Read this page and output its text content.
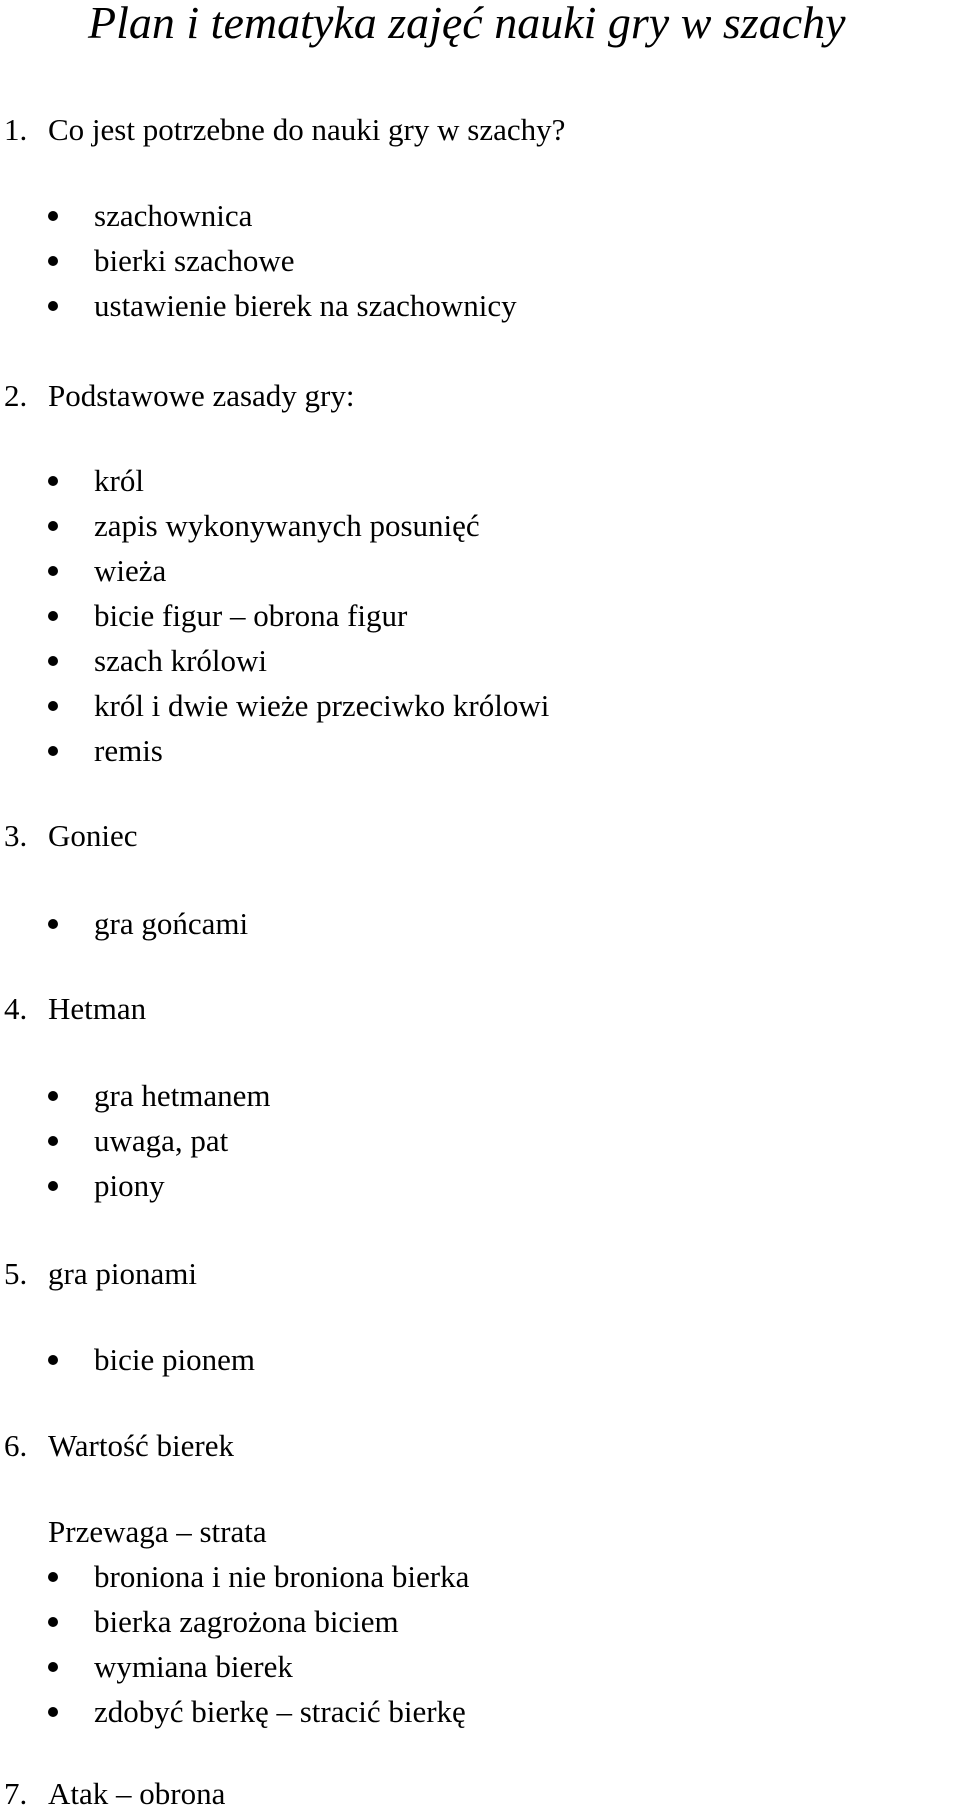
Plan i tematyka zajęć nauki gry w szachy
1. Co jest potrzebne do nauki gry w szachy?
szachownica
bierki szachowe
ustawienie bierek na szachownicy
2. Podstawowe zasady gry:
król
zapis wykonywanych posunięć
wieża
bicie figur – obrona figur
szach królowi
król i dwie wieże przeciwko królowi
remis
3. Goniec
gra gońcami
4. Hetman
gra hetmanem
uwaga, pat
piony
5. gra pionami
bicie pionem
6. Wartość bierek
Przewaga – strata
broniona i nie broniona bierka
bierka zagrożona biciem
wymiana bierek
zdobyć bierkę – stracić bierkę
7. Atak – obrona
